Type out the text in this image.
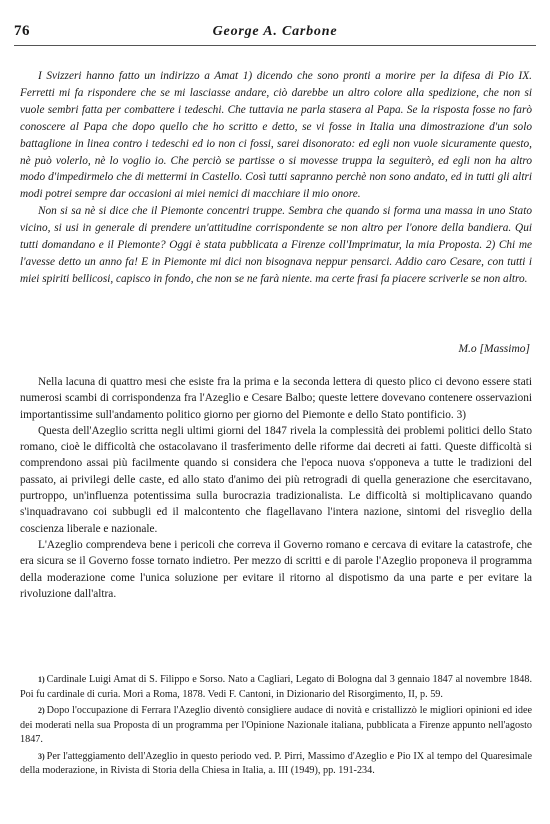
76	George A. Carbone

I Svizzeri hanno fatto un indirizzo a Amat 1) dicendo che sono pronti a morire per la difesa di Pio IX. Ferretti mi fa rispondere che se mi lasciasse andare, ciò darebbe un altro colore alla spedizione, che non si vuole sembri fatta per combattere i tedeschi. Che tuttavia ne parla stasera al Papa. Se la risposta fosse no farò conoscere al Papa che dopo quello che ho scritto e detto, se vi fosse in Italia una dimostrazione d'un solo battaglione in linea contro i tedeschi ed io non ci fossi, sarei disonorato: ed egli non vuole sicuramente questo, nè può volerlo, nè lo voglio io. Che perciò se partisse o si movesse truppa la seguiterò, ed egli non ha altro modo d'impedirmelo che di mettermi in Castello. Così tutti sapranno perchè non sono andato, ed in tutti gli altri modi potrei sempre dar occasioni ai miei nemici di macchiare il mio onore.

Non si sa nè si dice che il Piemonte concentri truppe. Sembra che quando si forma una massa in uno Stato vicino, si usi in generale di prendere un'attitudine corrispondente se non altro per l'onore della bandiera. Qui tutti domandano e il Piemonte? Oggi è stata pubblicata a Firenze coll'Imprimatur, la mia Proposta. 2) Chi me l'avesse detto un anno fa! E in Piemonte mi dici non bisognava neppur pensarci. Addio caro Cesare, con tutti i miei spiriti bellicosi, capisco in fondo, che non se ne farà niente. ma certe frasi fa piacere scriverle se non altro.

M.o [Massimo]

Nella lacuna di quattro mesi che esiste fra la prima e la seconda lettera di questo plico ci devono essere stati numerosi scambi di corrispondenza fra l'Azeglio e Cesare Balbo; queste lettere dovevano contenere osservazioni importantissime sull'andamento politico giorno per giorno del Piemonte e dello Stato pontificio. 3)

Questa dell'Azeglio scritta negli ultimi giorni del 1847 rivela la complessità dei problemi politici dello Stato romano, cioè le difficoltà che ostacolavano il trasferimento delle riforme dai decreti ai fatti. Queste difficoltà si comprendono assai più facilmente quando si considera che l'epoca nuova s'opponeva a tutte le tradizioni del passato, ai privilegi delle caste, ed allo stato d'animo dei più retrogradi di quella generazione che esercitavano, purtroppo, un'influenza potentissima sulla burocrazia tradizionalista. Le difficoltà si moltiplicavano quando s'inquadravano coi subbugli ed il malcontento che flagellavano l'intera nazione, sintomi del risveglio della coscienza liberale e nazionale.

L'Azeglio comprendeva bene i pericoli che correva il Governo romano e cercava di evitare la catastrofe, che era sicura se il Governo fosse tornato indietro. Per mezzo di scritti e di parole l'Azeglio proponeva il programma della moderazione come l'unica soluzione per evitare il ritorno al dispotismo da una parte e per evitare la rivoluzione dall'altra.

$^{1)}$ Cardinale Luigi Amat di S. Filippo e Sorso. Nato a Cagliari, Legato di Bologna dal 3 gennaio 1847 al novembre 1848. Poi fu cardinale di curia. Morì a Roma, 1878. Vedi F. Cantoni, in Dizionario del Risorgimento, II, p. 59.

$^{2)}$ Dopo l'occupazione di Ferrara l'Azeglio diventò consigliere audace di novità e cristallizzò le migliori opinioni ed idee dei moderati nella sua Proposta di un programma per l'Opinione Nazionale italiana, pubblicata a Firenze appunto nell'agosto 1847.

$^{3)}$ Per l'atteggiamento dell'Azeglio in questo periodo ved. P. Pirri, Massimo d'Azeglio e Pio IX al tempo del Quaresimale della moderazione, in Rivista di Storia della Chiesa in Italia, a. III (1949), pp. 191-234.
